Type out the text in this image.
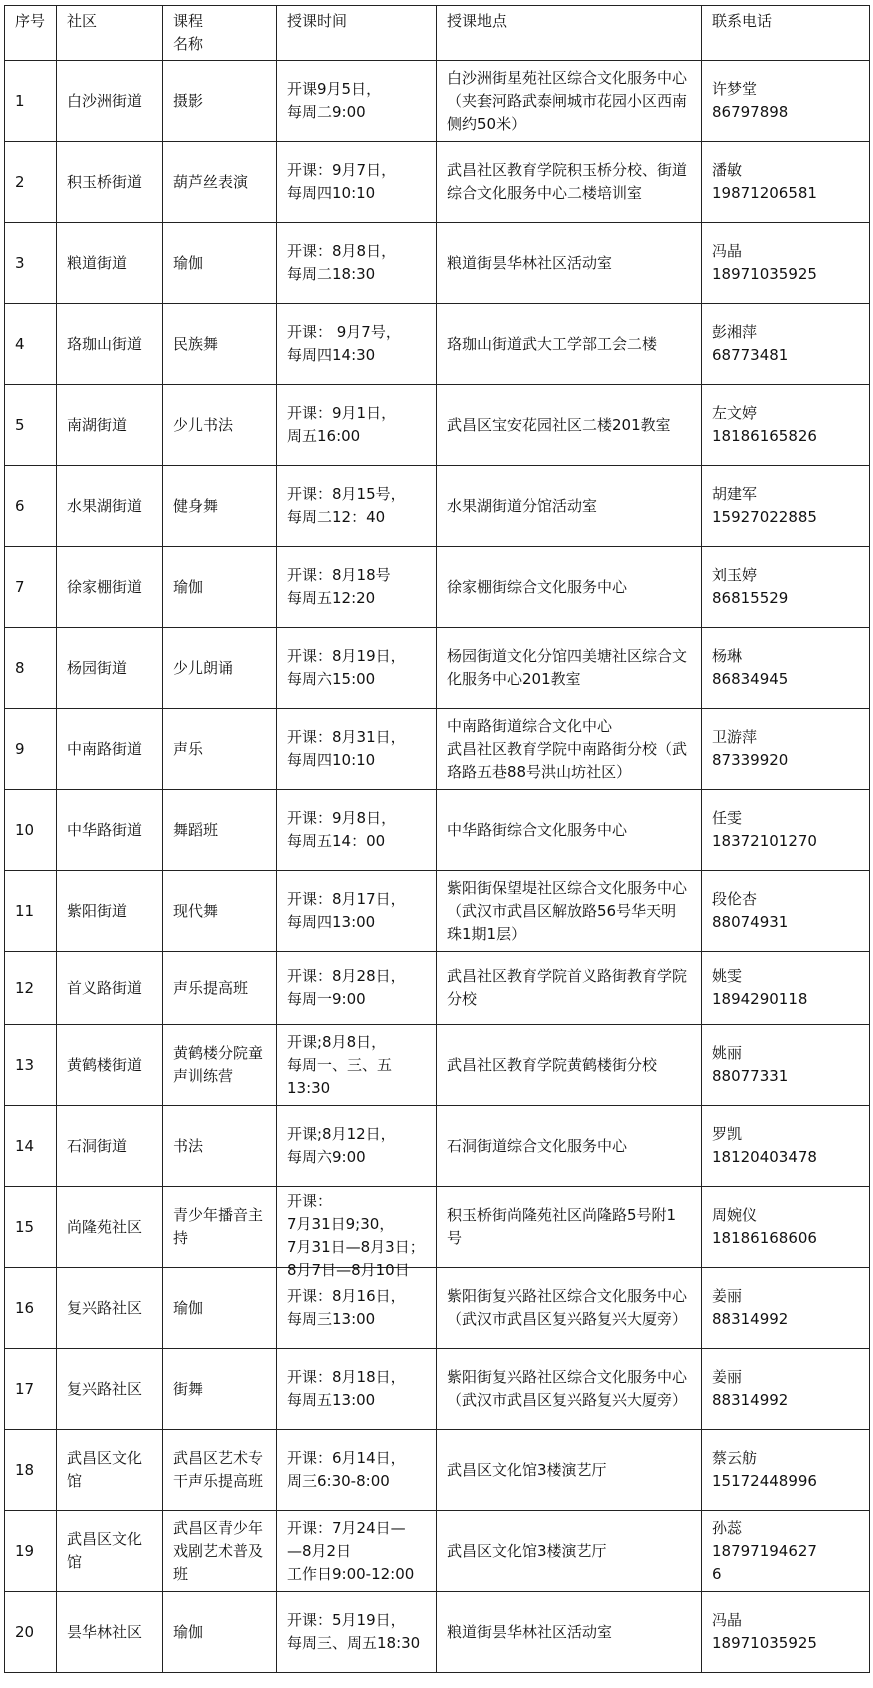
序号	社区	课程
名称	授课时间	授课地点	联系电话
1	白沙洲街道	摄影	开课9月5日，
每周二9:00	白沙洲街星苑社区综合文化服务中心（夹套河路武泰闸城市花园小区西南侧约50米）	许梦堂
86797898
2	积玉桥街道	葫芦丝表演	开课：9月7日，
每周四10:10	武昌社区教育学院积玉桥分校、街道综合文化服务中心二楼培训室	潘敏
19871206581
3	粮道街道	瑜伽	开课：8月8日，
每周二18:30	粮道街昙华林社区活动室	冯晶
18971035925
4	珞珈山街道	民族舞	开课： 9月7号，
每周四14:30	珞珈山街道武大工学部工会二楼	彭湘萍
68773481
5	南湖街道	少儿书法	开课：9月1日，
周五16:00	武昌区宝安花园社区二楼201教室	左文婷
18186165826
6	水果湖街道	健身舞	开课：8月15号，
每周二12：40	水果湖街道分馆活动室	胡建军
15927022885
7	徐家棚街道	瑜伽	开课：8月18号
每周五12:20	徐家棚街综合文化服务中心	刘玉婷
86815529
8	杨园街道	少儿朗诵	开课：8月19日，
每周六15:00	杨园街道文化分馆四美塘社区综合文化服务中心201教室	杨琳
86834945
9	中南路街道	声乐	开课：8月31日，
每周四10:10	中南路街道综合文化中心
武昌社区教育学院中南路街分校（武珞路五巷88号洪山坊社区）	卫游萍
87339920
10	中华路街道	舞蹈班	开课：9月8日，
每周五14：00	中华路街综合文化服务中心	任雯
18372101270
11	紫阳街道	现代舞	开课：8月17日，
每周四13:00	紫阳街保望堤社区综合文化服务中心（武汉市武昌区解放路56号华天明珠1期1层）	段伦杏
88074931
12	首义路街道	声乐提高班	开课：8月28日，
每周一9:00	武昌社区教育学院首义路街教育学院分校	姚雯
1894290118
13	黄鹤楼街道	黄鹤楼分院童声训练营	开课;8月8日，
每周一、三、五
13:30	武昌社区教育学院黄鹤楼街分校	姚丽
88077331
14	石洞街道	书法	开课;8月12日，
每周六9:00	石洞街道综合文化服务中心	罗凯
18120403478
15	尚隆苑社区	青少年播音主持	开课：
7月31日9;30，
7月31日—8月3日；
8月7日—8月10日	积玉桥街尚隆苑社区尚隆路5号附1号	周婉仪
18186168606
16	复兴路社区	瑜伽	开课：8月16日，
每周三13:00	紫阳街复兴路社区综合文化服务中心（武汉市武昌区复兴路复兴大厦旁）	姜丽
88314992
17	复兴路社区	街舞	开课：8月18日，
每周五13:00	紫阳街复兴路社区综合文化服务中心（武汉市武昌区复兴路复兴大厦旁）	姜丽
88314992
18	武昌区文化馆	武昌区艺术专干声乐提高班	开课：6月14日，
周三6:30-8:00	武昌区文化馆3楼演艺厅	蔡云舫
15172448996
19	武昌区文化馆	武昌区青少年戏剧艺术普及班	开课：7月24日—
—8月2日
工作日9:00-12:00	武昌区文化馆3楼演艺厅	孙蕊
18797194627
6
20	昙华林社区	瑜伽	开课：5月19日，
每周三、周五18:30	粮道街昙华林社区活动室	冯晶
18971035925
